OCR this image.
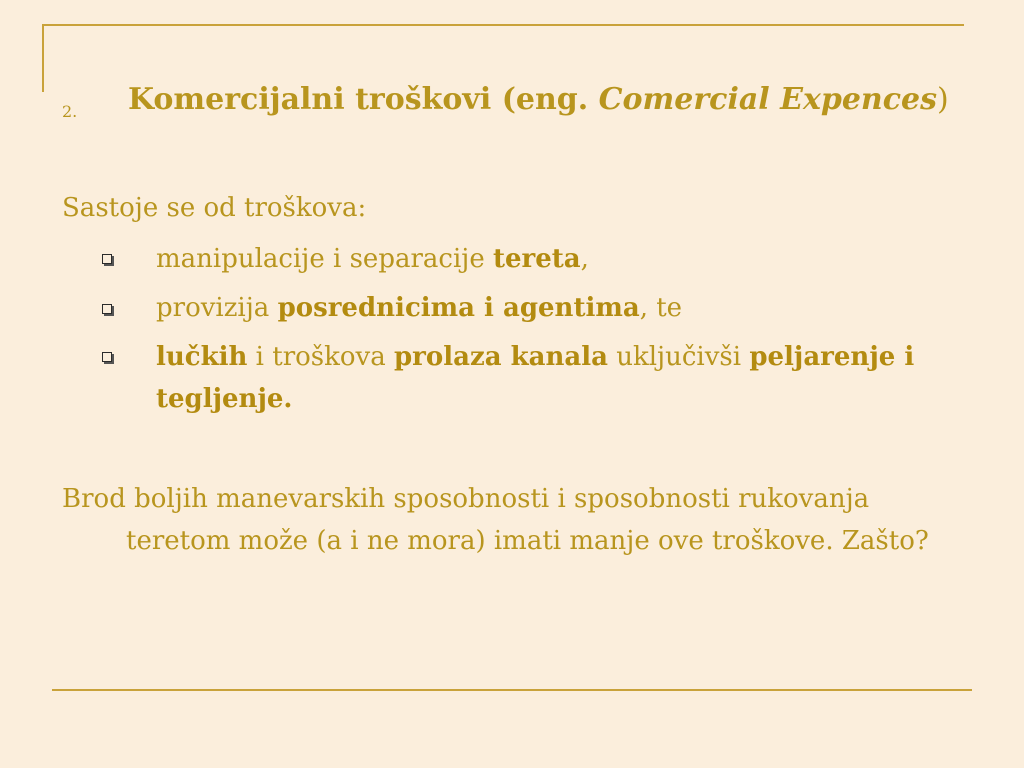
2. Komercijalni troškovi (eng. Comercial Expences)
Sastoje se od troškova:
manipulacije i separacije tereta,
provizija posrednicima i agentima, te
lučkih i troškova prolaza kanala uključivši peljarenje i
tegljenje.
Brod boljih manevarskih sposobnosti i sposobnosti rukovanja
teretom može (a i ne mora) imati manje ove troškove. Zašto?
